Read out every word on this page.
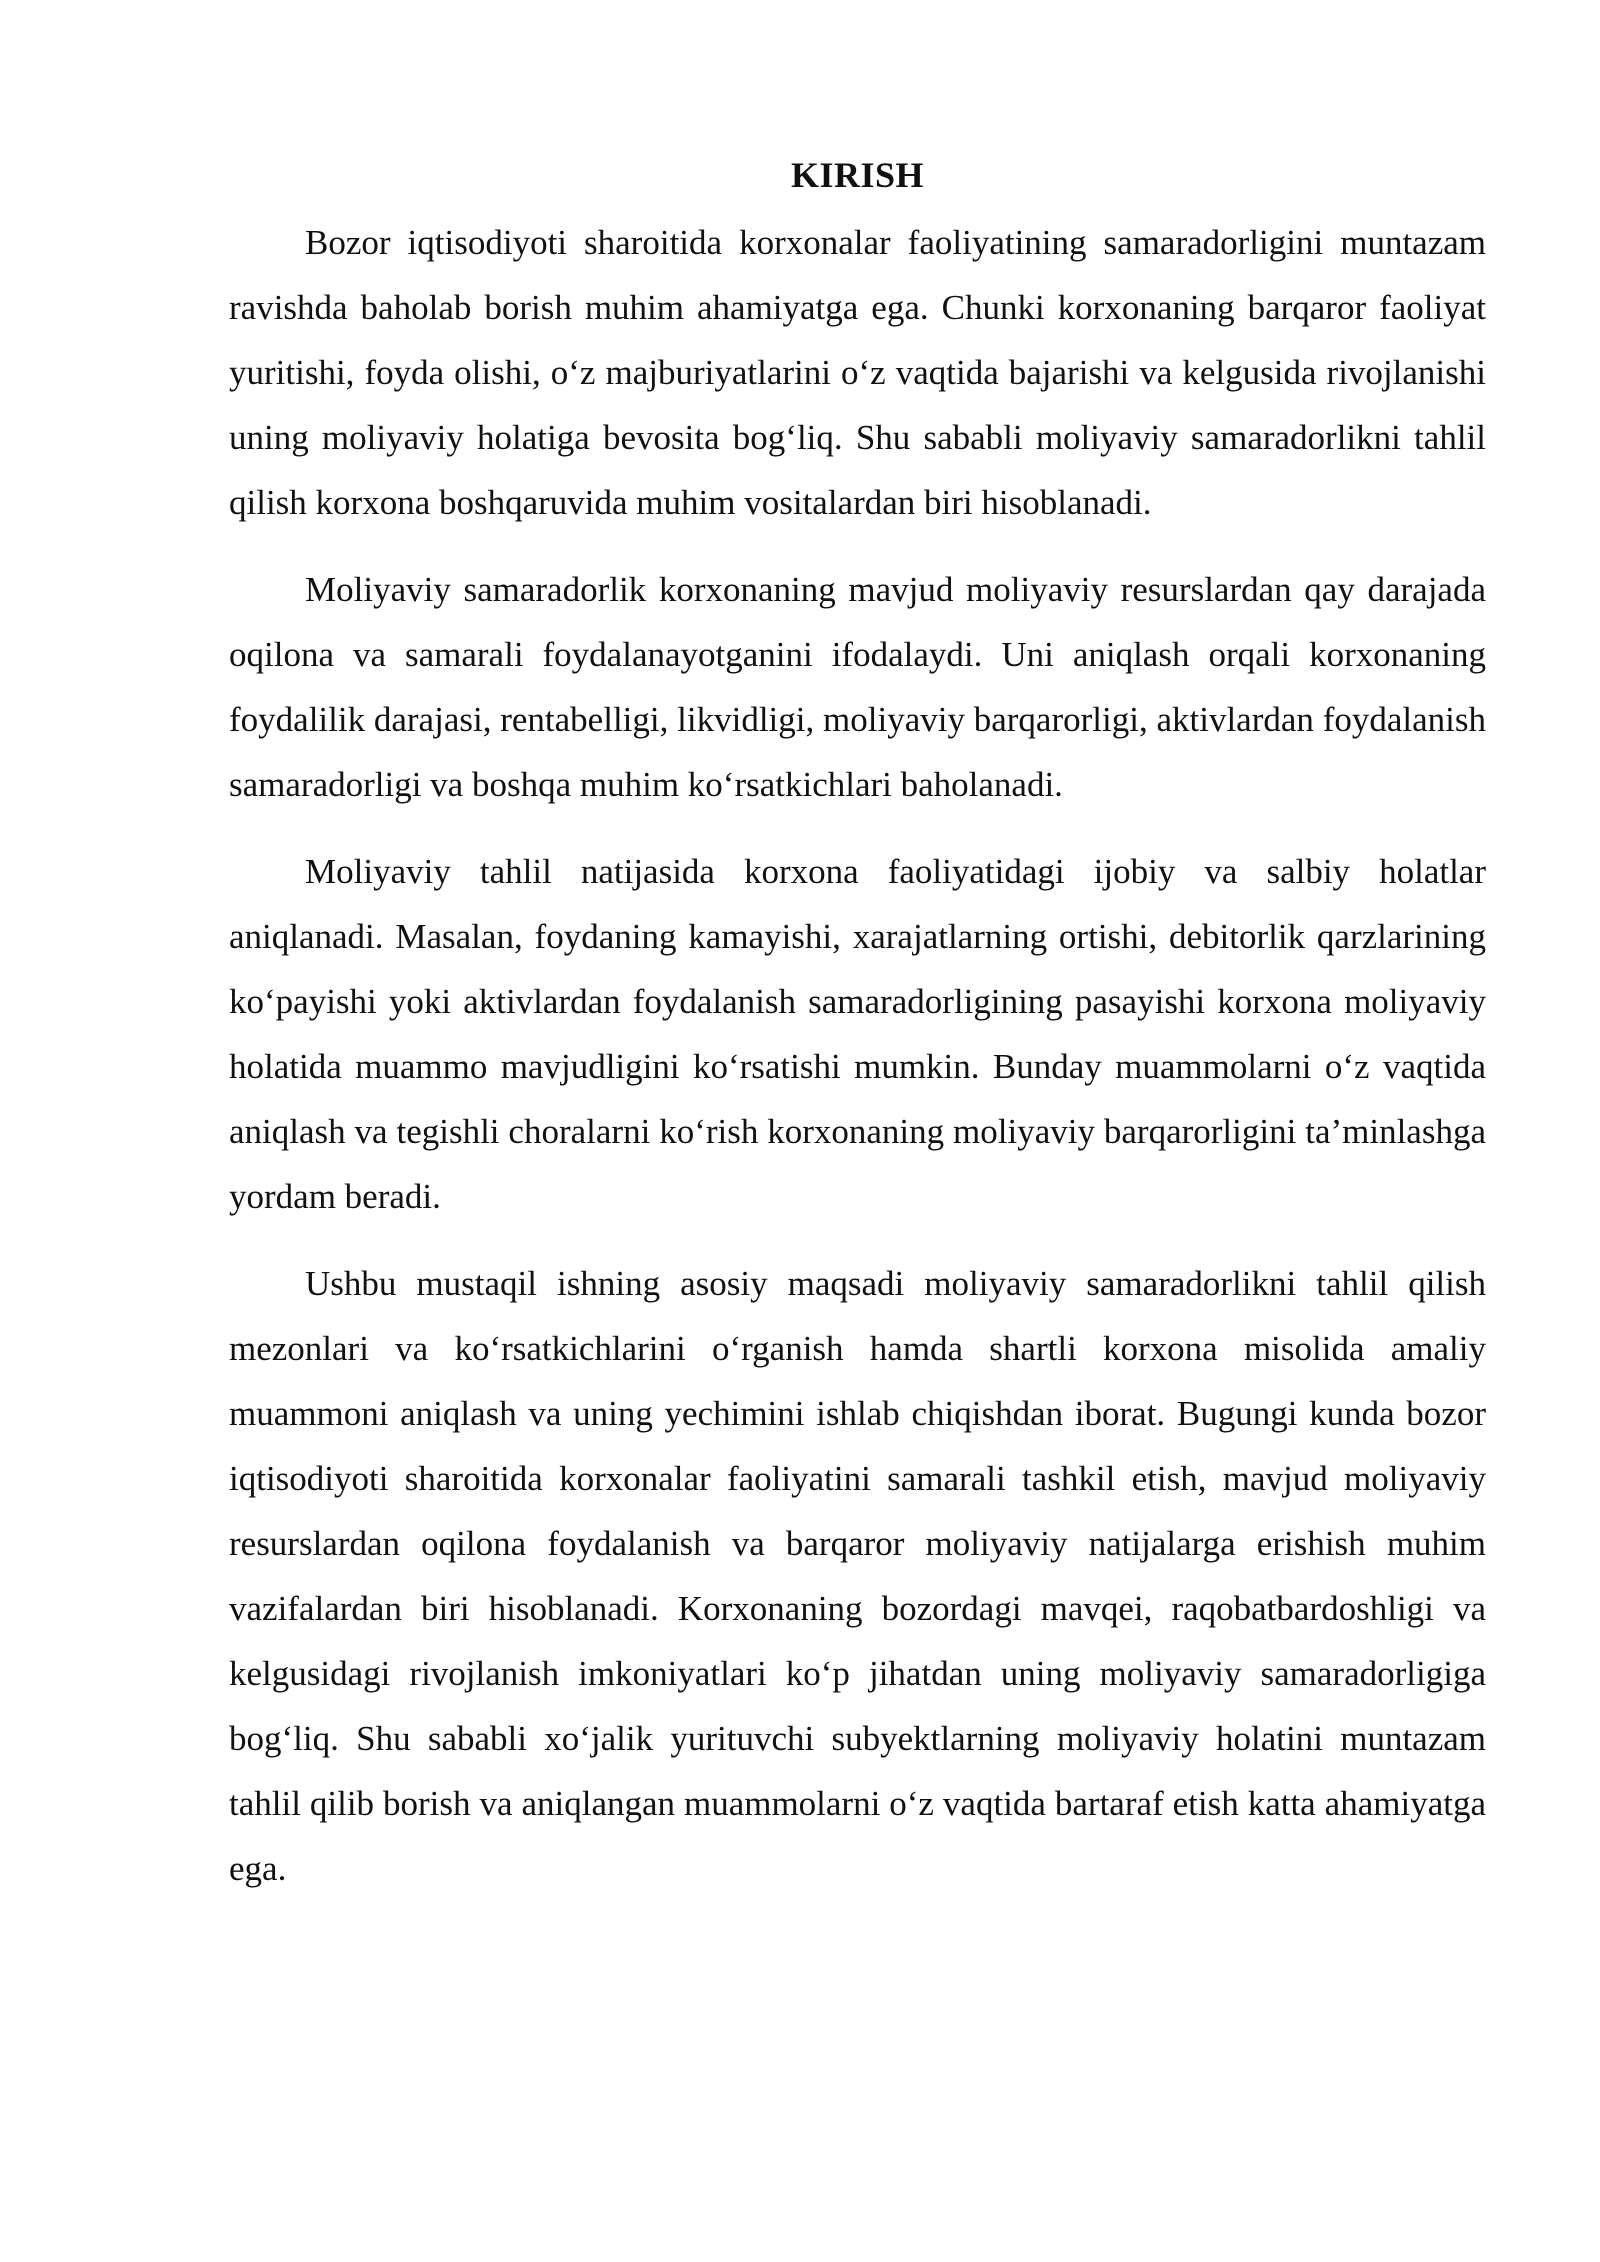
KIRISH

Bozor iqtisodiyoti sharoitida korxonalar faoliyatining samaradorligini muntazam ravishda baholab borish muhim ahamiyatga ega. Chunki korxonaning barqaror faoliyat yuritishi, foyda olishi, o‘z majburiyatlarini o‘z vaqtida bajarishi va kelgusida rivojlanishi uning moliyaviy holatiga bevosita bog‘liq. Shu sababli moliyaviy samaradorlikni tahlil qilish korxona boshqaruvida muhim vositalardan biri hisoblanadi.

Moliyaviy samaradorlik korxonaning mavjud moliyaviy resurslardan qay darajada oqilona va samarali foydalanayotganini ifodalaydi. Uni aniqlash orqali korxonaning foydalilik darajasi, rentabelligi, likvidligi, moliyaviy barqarorligi, aktivlardan foydalanish samaradorligi va boshqa muhim ko‘rsatkichlari baholanadi.

Moliyaviy tahlil natijasida korxona faoliyatidagi ijobiy va salbiy holatlar aniqlanadi. Masalan, foydaning kamayishi, xarajatlarning ortishi, debitorlik qarzlarining ko‘payishi yoki aktivlardan foydalanish samaradorligining pasayishi korxona moliyaviy holatida muammo mavjudligini ko‘rsatishi mumkin. Bunday muammolarni o‘z vaqtida aniqlash va tegishli choralarni ko‘rish korxonaning moliyaviy barqarorligini ta’minlashga yordam beradi.

Ushbu mustaqil ishning asosiy maqsadi moliyaviy samaradorlikni tahlil qilish mezonlari va ko‘rsatkichlarini o‘rganish hamda shartli korxona misolida amaliy muammoni aniqlash va uning yechimini ishlab chiqishdan iborat. Bugungi kunda bozor iqtisodiyoti sharoitida korxonalar faoliyatini samarali tashkil etish, mavjud moliyaviy resurslardan oqilona foydalanish va barqaror moliyaviy natijalarga erishish muhim vazifalardan biri hisoblanadi. Korxonaning bozordagi mavqei, raqobatbardoshligi va kelgusidagi rivojlanish imkoniyatlari ko‘p jihatdan uning moliyaviy samaradorligiga bog‘liq. Shu sababli xo‘jalik yurituvchi subyektlarning moliyaviy holatini muntazam tahlil qilib borish va aniqlangan muammolarni o‘z vaqtida bartaraf etish katta ahamiyatga ega.
